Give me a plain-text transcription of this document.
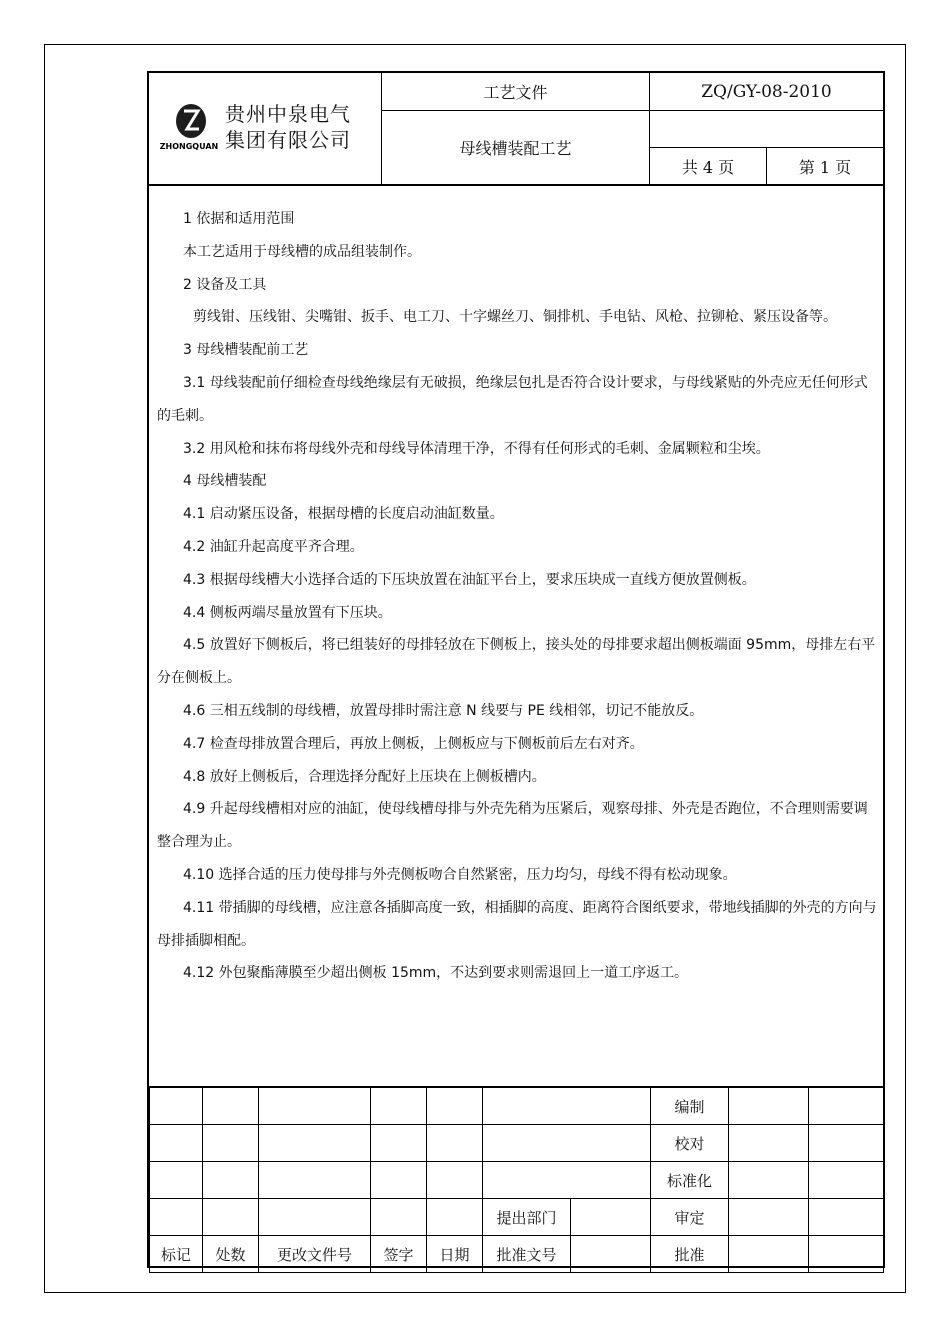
ZHONGQUAN
贵州中泉电气
集团有限公司
工艺文件	ZQ/GY-08-2010
母线槽装配工艺
共 4 页	第 1 页

1 依据和适用范围

本工艺适用于母线槽的成品组装制作。

2 设备及工具

剪线钳、压线钳、尖嘴钳、扳手、电工刀、十字螺丝刀、铜排机、手电钻、风枪、拉铆枪、紧压设备等。

3 母线槽装配前工艺

3.1 母线装配前仔细检查母线绝缘层有无破损，绝缘层包扎是否符合设计要求，与母线紧贴的外壳应无任何形式的毛刺。

3.2 用风枪和抹布将母线外壳和母线导体清理干净，不得有任何形式的毛刺、金属颗粒和尘埃。

4 母线槽装配

4.1 启动紧压设备，根据母槽的长度启动油缸数量。

4.2 油缸升起高度平齐合理。

4.3 根据母线槽大小选择合适的下压块放置在油缸平台上，要求压块成一直线方便放置侧板。

4.4 侧板两端尽量放置有下压块。

4.5 放置好下侧板后，将已组装好的母排轻放在下侧板上，接头处的母排要求超出侧板端面 95mm，母排左右平分在侧板上。

4.6 三相五线制的母线槽，放置母排时需注意 N 线要与 PE 线相邻，切记不能放反。

4.7 检查母排放置合理后，再放上侧板，上侧板应与下侧板前后左右对齐。

4.8 放好上侧板后，合理选择分配好上压块在上侧板槽内。

4.9 升起母线槽相对应的油缸，使母线槽母排与外壳先稍为压紧后，观察母排、外壳是否跑位，不合理则需要调整合理为止。

4.10 选择合适的压力使母排与外壳侧板吻合自然紧密，压力均匀，母线不得有松动现象。

4.11 带插脚的母线槽，应注意各插脚高度一致，相插脚的高度、距离符合图纸要求，带地线插脚的外壳的方向与母排插脚相配。

4.12 外包聚酯薄膜至少超出侧板 15mm，不达到要求则需退回上一道工序返工。

							编制		
							校对		
							标准化		
					提出部门		审定		
标记	处数	更改文件号	签字	日期	批准文号		批准		
